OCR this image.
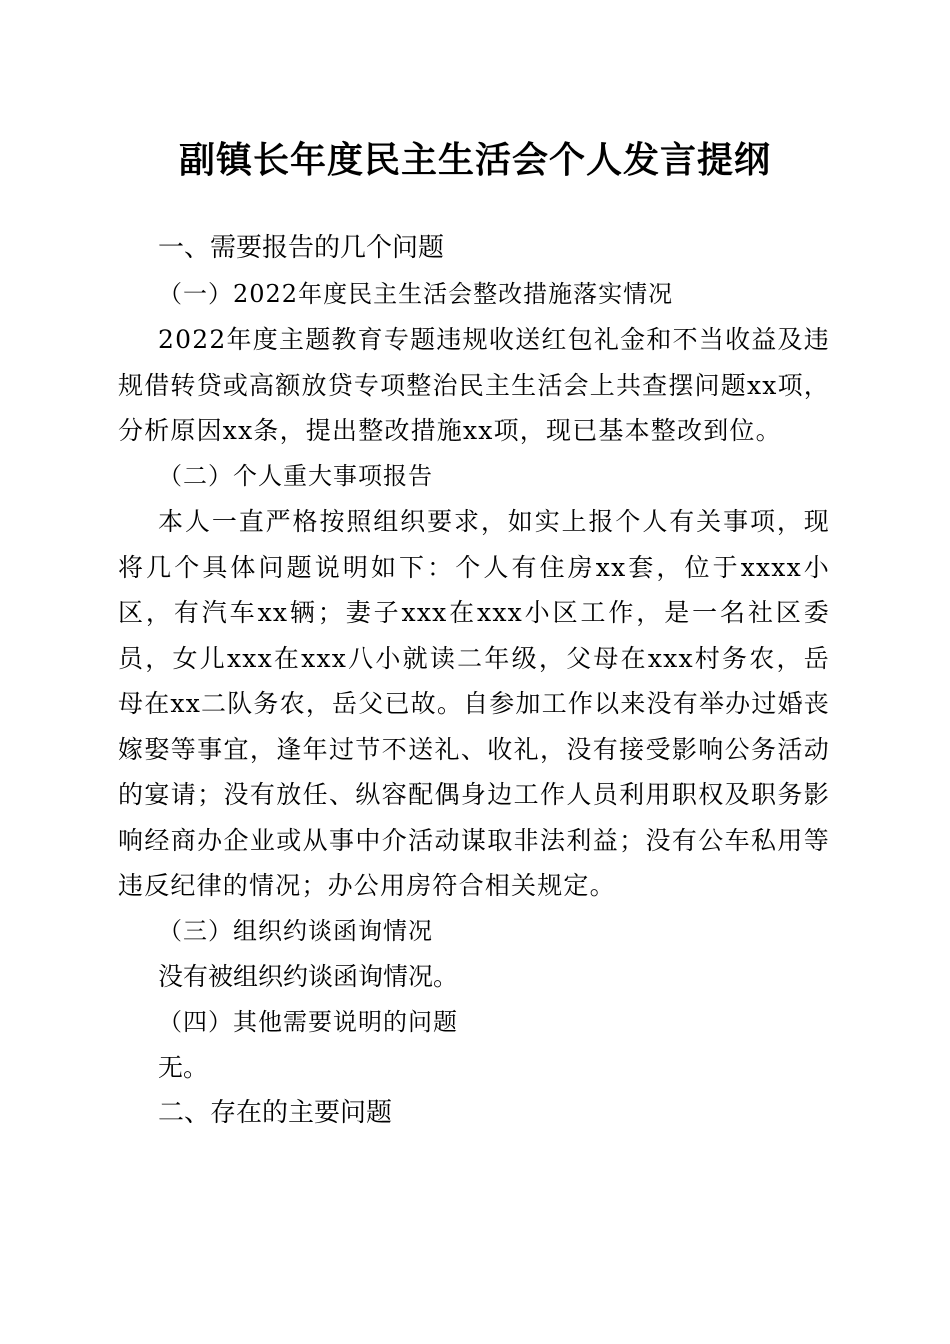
副镇长年度民主生活会个人发言提纲

一、需要报告的几个问题

（一）2022年度民主生活会整改措施落实情况

2022年度主题教育专题违规收送红包礼金和不当收益及违规借转贷或高额放贷专项整治民主生活会上共查摆问题xx项，分析原因xx条，提出整改措施xx项，现已基本整改到位。

（二）个人重大事项报告

本人一直严格按照组织要求，如实上报个人有关事项，现将几个具体问题说明如下：个人有住房xx套，位于xxxx小区，有汽车xx辆；妻子xxx在xxx小区工作，是一名社区委员，女儿xxx在xxx八小就读二年级，父母在xxx村务农，岳母在xx二队务农，岳父已故。自参加工作以来没有举办过婚丧嫁娶等事宜，逢年过节不送礼、收礼，没有接受影响公务活动的宴请；没有放任、纵容配偶身边工作人员利用职权及职务影响经商办企业或从事中介活动谋取非法利益；没有公车私用等违反纪律的情况；办公用房符合相关规定。

（三）组织约谈函询情况

没有被组织约谈函询情况。

（四）其他需要说明的问题

无。

二、存在的主要问题
